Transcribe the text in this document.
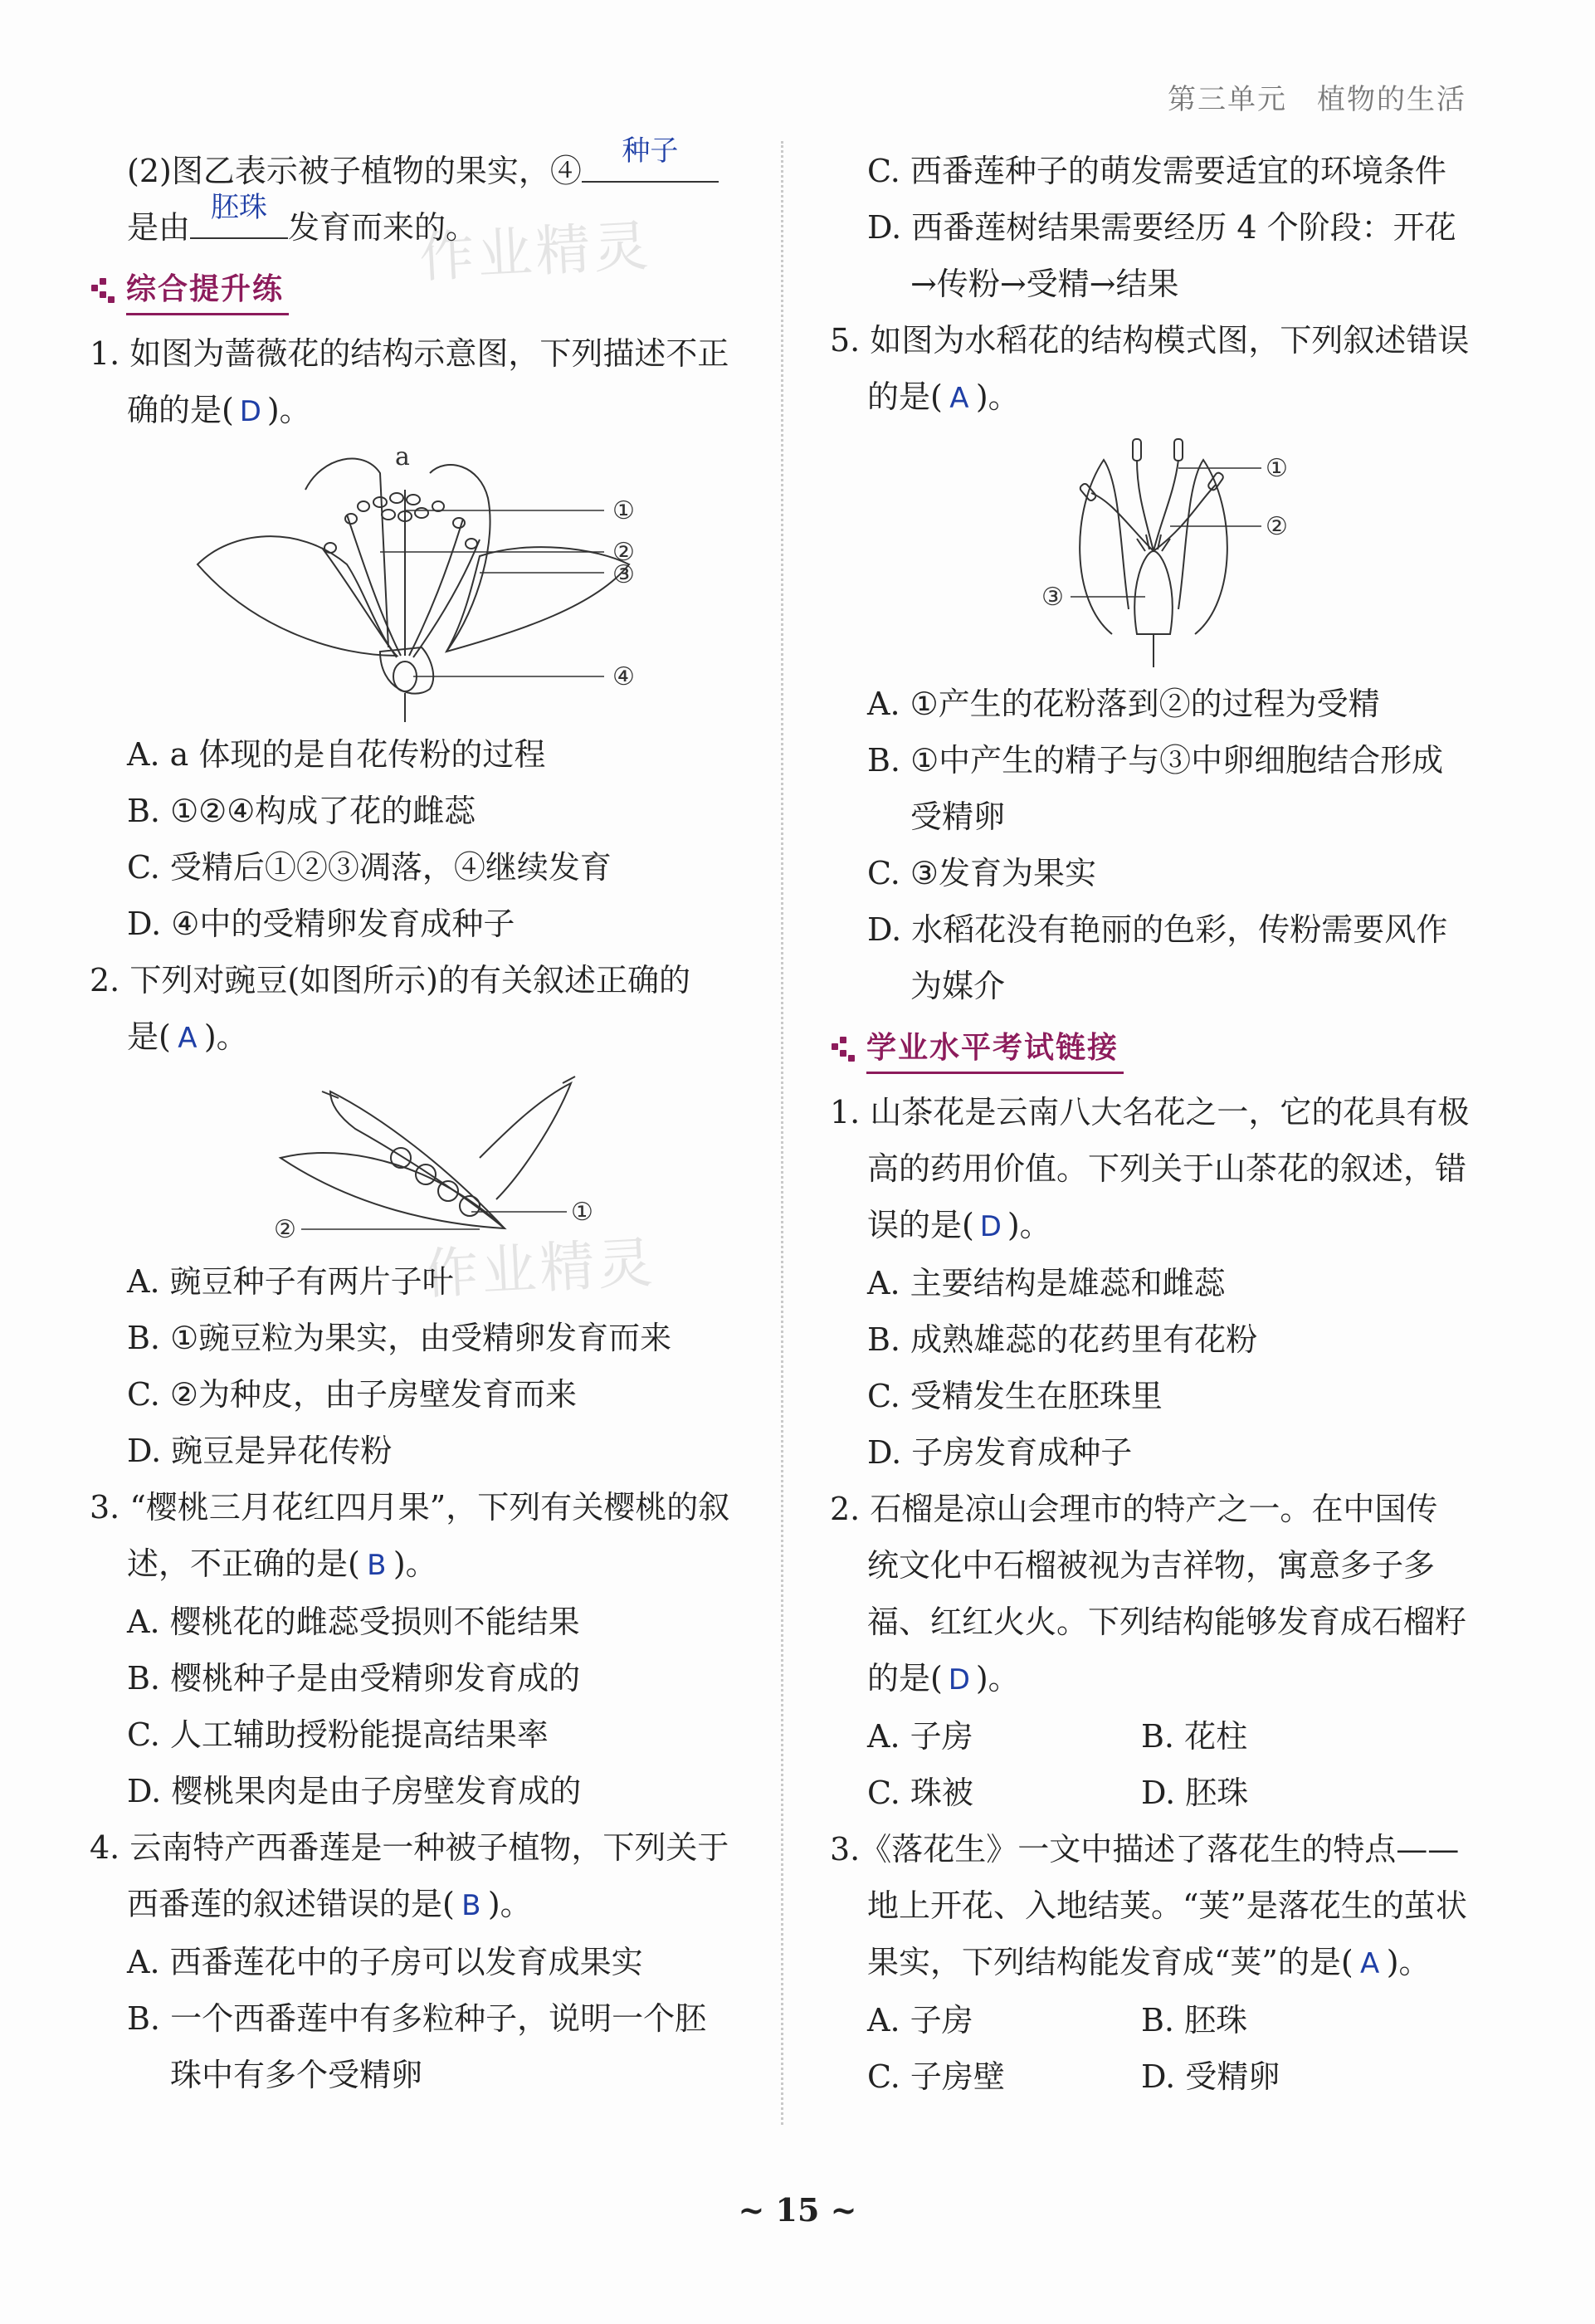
第三单元　植物的生活
作业精灵
作业精灵
(2)图乙表示被子植物的果实，④种子
是由胚珠发育而来的。
综合提升练
1. 如图为蔷薇花的结构示意图，下列描述不正
确的是( D )。
a
①
②
③
④
A. a 体现的是自花传粉的过程
B. ①②④构成了花的雌蕊
C. 受精后①②③凋落，④继续发育
D. ④中的受精卵发育成种子
2. 下列对豌豆(如图所示)的有关叙述正确的
是( A )。
①
②
A. 豌豆种子有两片子叶
B. ①豌豆粒为果实，由受精卵发育而来
C. ②为种皮，由子房壁发育而来
D. 豌豆是异花传粉
3. “樱桃三月花红四月果”，下列有关樱桃的叙
述，不正确的是( B )。
A. 樱桃花的雌蕊受损则不能结果
B. 樱桃种子是由受精卵发育成的
C. 人工辅助授粉能提高结果率
D. 樱桃果肉是由子房壁发育成的
4. 云南特产西番莲是一种被子植物，下列关于
西番莲的叙述错误的是( B )。
A. 西番莲花中的子房可以发育成果实
B. 一个西番莲中有多粒种子，说明一个胚
珠中有多个受精卵
C. 西番莲种子的萌发需要适宜的环境条件
D. 西番莲树结果需要经历 4 个阶段：开花
→传粉→受精→结果
5. 如图为水稻花的结构模式图，下列叙述错误
的是( A )。
①
②
③
A. ①产生的花粉落到②的过程为受精
B. ①中产生的精子与③中卵细胞结合形成
受精卵
C. ③发育为果实
D. 水稻花没有艳丽的色彩，传粉需要风作
为媒介
学业水平考试链接
1. 山茶花是云南八大名花之一，它的花具有极
高的药用价值。下列关于山茶花的叙述，错
误的是( D )。
A. 主要结构是雄蕊和雌蕊
B. 成熟雄蕊的花药里有花粉
C. 受精发生在胚珠里
D. 子房发育成种子
2. 石榴是凉山会理市的特产之一。在中国传
统文化中石榴被视为吉祥物，寓意多子多
福、红红火火。下列结构能够发育成石榴籽
的是( D )。
A. 子房	B. 花柱
C. 珠被	D. 胚珠
3.《落花生》一文中描述了落花生的特点——
地上开花、入地结荚。“荚”是落花生的茧状
果实，下列结构能发育成“荚”的是( A )。
A. 子房	B. 胚珠
C. 子房壁	D. 受精卵
~ 15 ~
